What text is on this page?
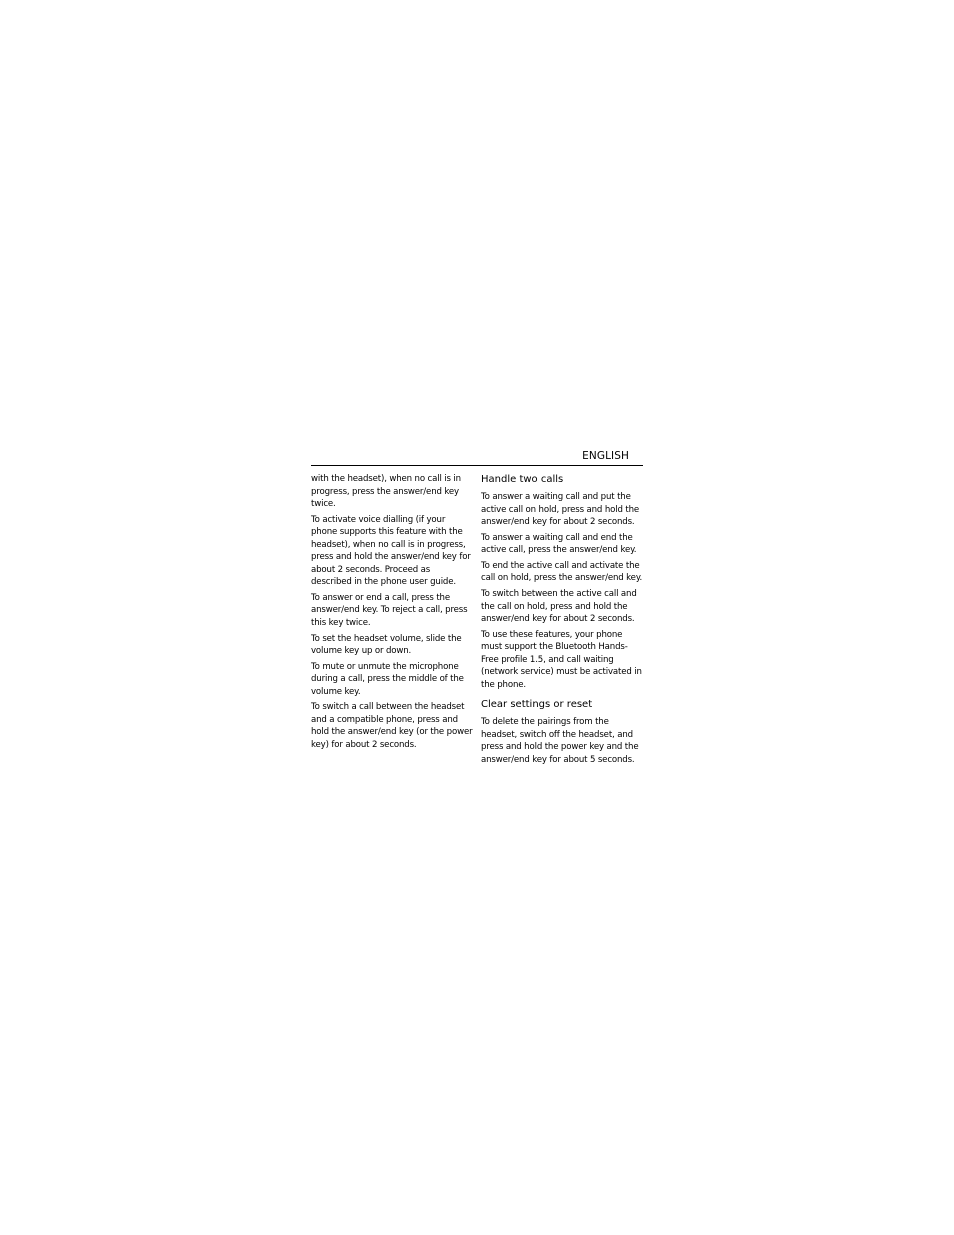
ENGLISH

with the headset), when no call is in progress, press the answer/end key twice.

To activate voice dialling (if your phone supports this feature with the headset), when no call is in progress, press and hold the answer/end key for about 2 seconds. Proceed as described in the phone user guide.

To answer or end a call, press the answer/end key. To reject a call, press this key twice.

To set the headset volume, slide the volume key up or down.

To mute or unmute the microphone during a call, press the middle of the volume key.

To switch a call between the headset and a compatible phone, press and hold the answer/end key (or the power key) for about 2 seconds.

Handle two calls

To answer a waiting call and put the active call on hold, press and hold the answer/end key for about 2 seconds.

To answer a waiting call and end the active call, press the answer/end key.

To end the active call and activate the call on hold, press the answer/end key.

To switch between the active call and the call on hold, press and hold the answer/end key for about 2 seconds.

To use these features, your phone must support the Bluetooth Hands-Free profile 1.5, and call waiting (network service) must be activated in the phone.

Clear settings or reset

To delete the pairings from the headset, switch off the headset, and press and hold the power key and the answer/end key for about 5 seconds.
